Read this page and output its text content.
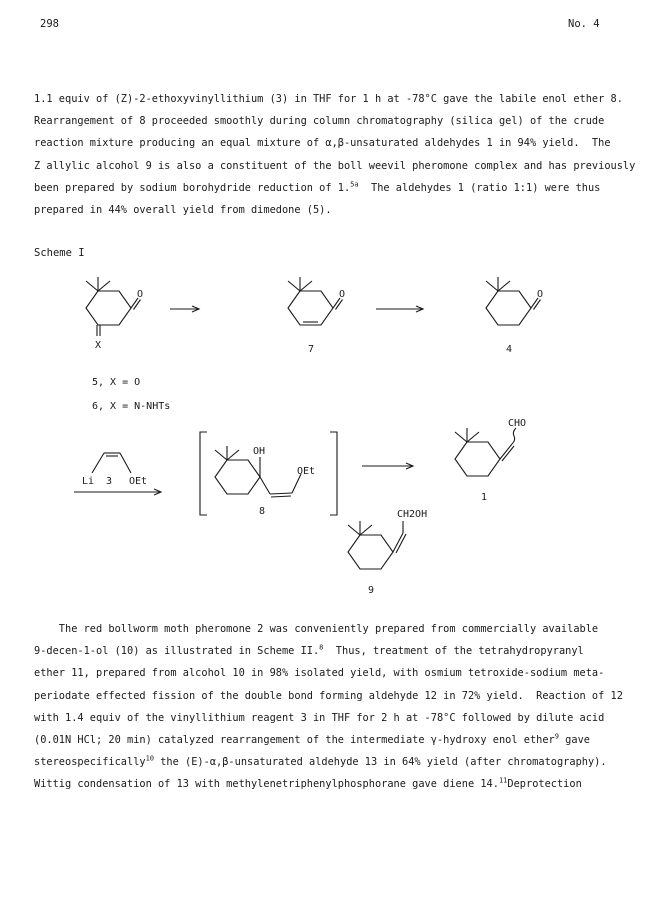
298	No. 4
1.1 equiv of (Z)-2-ethoxyvinyllithium (3) in THF for 1 h at -78°C gave the labile enol ether 8.
Rearrangement of 8 proceeded smoothly during column chromatography (silica gel) of the crude
reaction mixture producing an equal mixture of α,β-unsaturated aldehydes 1 in 94% yield.  The
Z allylic alcohol 9 is also a constituent of the boll weevil pheromone complex and has previously
been prepared by sodium borohydride reduction of 1.$^{5a}$  The aldehydes 1 (ratio 1:1) were thus
prepared in 44% overall yield from dimedone (5).
Scheme I
O
X
O
7
O
4
5, X = O
6, X = N-NHTs
Li 3 OEt
OH
OEt
8
CHO
1
CH2OH
9
The red bollworm moth pheromone 2 was conveniently prepared from commercially available
9-decen-1-ol (10) as illustrated in Scheme II.$^8$  Thus, treatment of the tetrahydropyranyl
ether 11, prepared from alcohol 10 in 98% isolated yield, with osmium tetroxide-sodium meta-
periodate effected fission of the double bond forming aldehyde 12 in 72% yield.  Reaction of 12
with 1.4 equiv of the vinyllithium reagent 3 in THF for 2 h at -78°C followed by dilute acid
(0.01N HCl; 20 min) catalyzed rearrangement of the intermediate γ-hydroxy enol ether$^9$ gave
stereospecifically$^{10}$ the (E)-α,β-unsaturated aldehyde 13 in 64% yield (after chromatography).
Wittig condensation of 13 with methylenetriphenylphosphorane gave diene 14.11Deprotection
